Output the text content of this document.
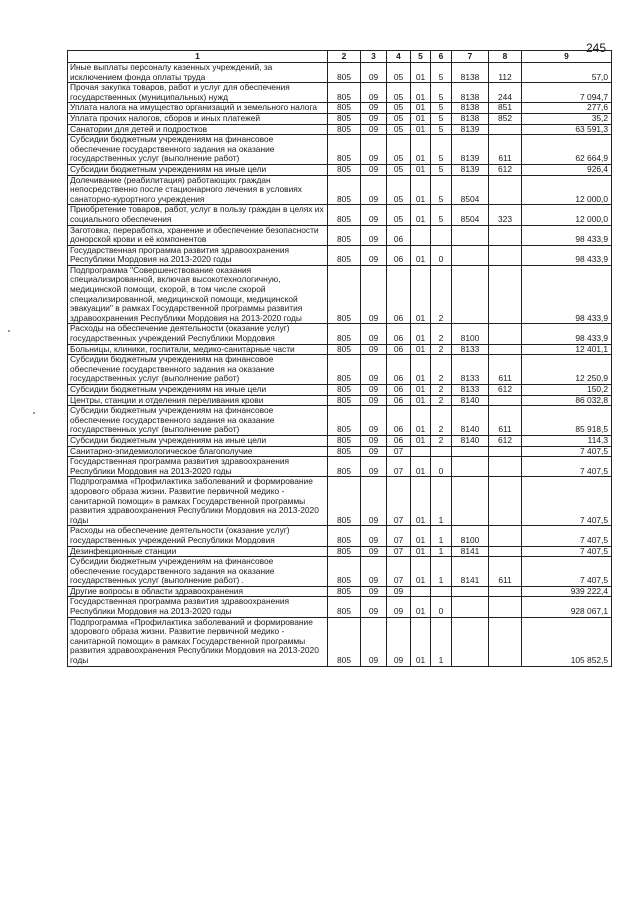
245
1	2	3	4	5	6	7	8	9
Иные выплаты персоналу казенных учреждений, за исключением фонда оплаты труда	805	09	05	01	5	8138	112	57,0
Прочая закупка товаров, работ и услуг для обеспечения государственных (муниципальных) нужд	805	09	05	01	5	8138	244	7 094,7
Уплата налога на имущество организаций и земельного налога	805	09	05	01	5	8138	851	277,6
Уплата прочих налогов, сборов и иных платежей	805	09	05	01	5	8138	852	35,2
Санатории для детей и подростков	805	09	05	01	5	8139		63 591,3
Субсидии бюджетным учреждениям на финансовое обеспечение государственного задания на оказание государственных услуг (выполнение работ)	805	09	05	01	5	8139	611	62 664,9
Субсидии бюджетным учреждениям на иные цели	805	09	05	01	5	8139	612	926,4
Долечивание (реабилитация) работающих граждан непосредственно после стационарного лечения в условиях санаторно-курортного учреждения	805	09	05	01	5	8504		12 000,0
Приобретение товаров, работ, услуг в пользу граждан в целях их социального обеспечения	805	09	05	01	5	8504	323	12 000,0
Заготовка, переработка, хранение и обеспечение безопасности донорской крови и её компонентов	805	09	06					98 433,9
Государственная программа развития здравоохранения Республики Мордовия на 2013-2020 годы	805	09	06	01	0			98 433,9
Подпрограмма "Совершенствование оказания специализированной, включая высокотехнологичную, медицинской помощи, скорой, в том числе скорой специализированной, медицинской помощи, медицинской эвакуации" в рамках Государственной программы развития здравоохранения Республики Мордовия на 2013-2020 годы	805	09	06	01	2			98 433,9
Расходы на обеспечение деятельности (оказание услуг) государственных учреждений Республики Мордовия	805	09	06	01	2	8100		98 433,9
Больницы, клиники, госпитали, медико-санитарные части	805	09	06	01	2	8133		12 401,1
Субсидии бюджетным учреждениям на финансовое обеспечение государственного задания на оказание государственных услуг (выполнение работ)	805	09	06	01	2	8133	611	12 250,9
Субсидии бюджетным учреждениям на иные цели	805	09	06	01	2	8133	612	150,2
Центры, станции и отделения переливания крови	805	09	06	01	2	8140		86 032,8
Субсидии бюджетным учреждениям на финансовое обеспечение государственного задания на оказание государственных услуг (выполнение работ)	805	09	06	01	2	8140	611	85 918,5
Субсидии бюджетным учреждениям на иные цели	805	09	06	01	2	8140	612	114,3
Санитарно-эпидемиологическое благополучие	805	09	07					7 407,5
Государственная программа развития здравоохранения Республики Мордовия на 2013-2020 годы	805	09	07	01	0			7 407,5
Подпрограмма «Профилактика заболеваний и формирование здорового образа жизни. Развитие первичной медико - санитарной помощи» в рамках Государственной программы развития здравоохранения Республики Мордовия на 2013-2020 годы	805	09	07	01	1			7 407,5
Расходы на обеспечение деятельности (оказание услуг) государственных учреждений Республики Мордовия	805	09	07	01	1	8100		7 407,5
Дезинфекционные станции	805	09	07	01	1	8141		7 407,5
Субсидии бюджетным учреждениям на финансовое обеспечение государственного задания на оказание государственных услуг (выполнение работ) .	805	09	07	01	1	8141	611	7 407,5
Другие вопросы в области здравоохранения	805	09	09					939 222,4
Государственная программа развития здравоохранения Республики Мордовия на 2013-2020 годы	805	09	09	01	0			928 067,1
Подпрограмма «Профилактика заболеваний и формирование здорового образа жизни. Развитие первичной медико - санитарной помощи» в рамках Государственной программы развития здравоохранения Республики Мордовия на 2013-2020 годы	805	09	09	01	1			105 852,5
